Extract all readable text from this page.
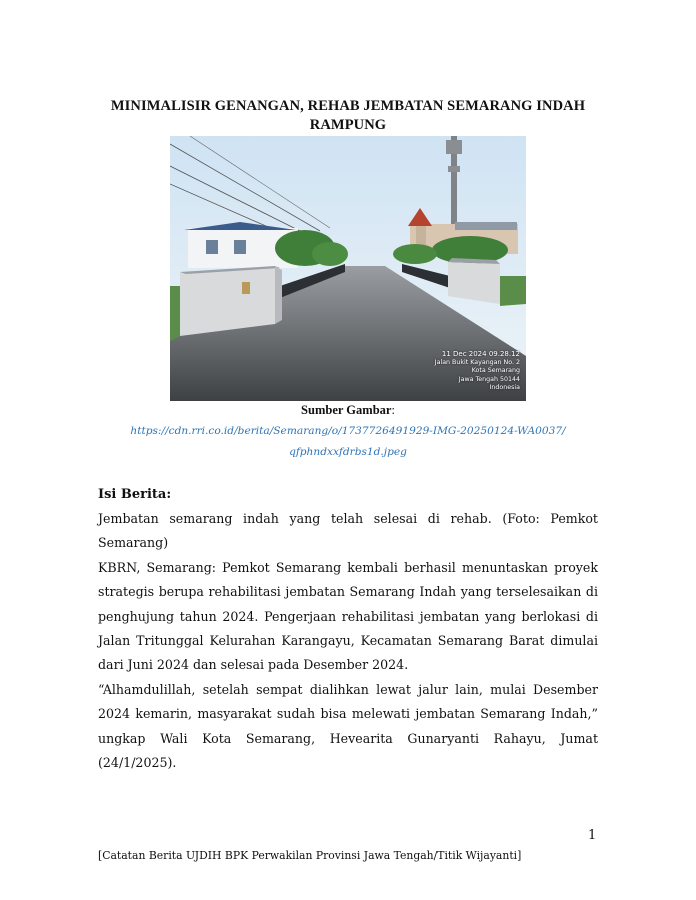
MINIMALISIR GENANGAN, REHAB JEMBATAN SEMARANG INDAH
RAMPUNG
11 Dec 2024 09.28.12
Jalan Bukit Kayangan No. 2
Kota Semarang
Jawa Tengah 50144
Indonesia
Sumber Gambar:
https://cdn.rri.co.id/berita/Semarang/o/1737726491929-IMG-20250124-WA0037/
qfphndxxfdrbs1d.jpeg
Isi Berita:
Jembatan semarang indah yang telah selesai di rehab. (Foto: Pemkot
Semarang)
KBRN, Semarang: Pemkot Semarang kembali berhasil menuntaskan proyek
strategis berupa rehabilitasi jembatan Semarang Indah yang terselesaikan di
penghujung tahun 2024. Pengerjaan rehabilitasi jembatan yang berlokasi di
Jalan Tritunggal Kelurahan Karangayu, Kecamatan Semarang Barat dimulai
dari Juni 2024 dan selesai pada Desember 2024.
“Alhamdulillah, setelah sempat dialihkan lewat jalur lain, mulai Desember
2024 kemarin, masyarakat sudah bisa melewati jembatan Semarang Indah,”
ungkap Wali Kota Semarang, Hevearita Gunaryanti Rahayu, Jumat
(24/1/2025).
1
[Catatan Berita UJDIH BPK Perwakilan Provinsi Jawa Tengah/Titik Wijayanti]
